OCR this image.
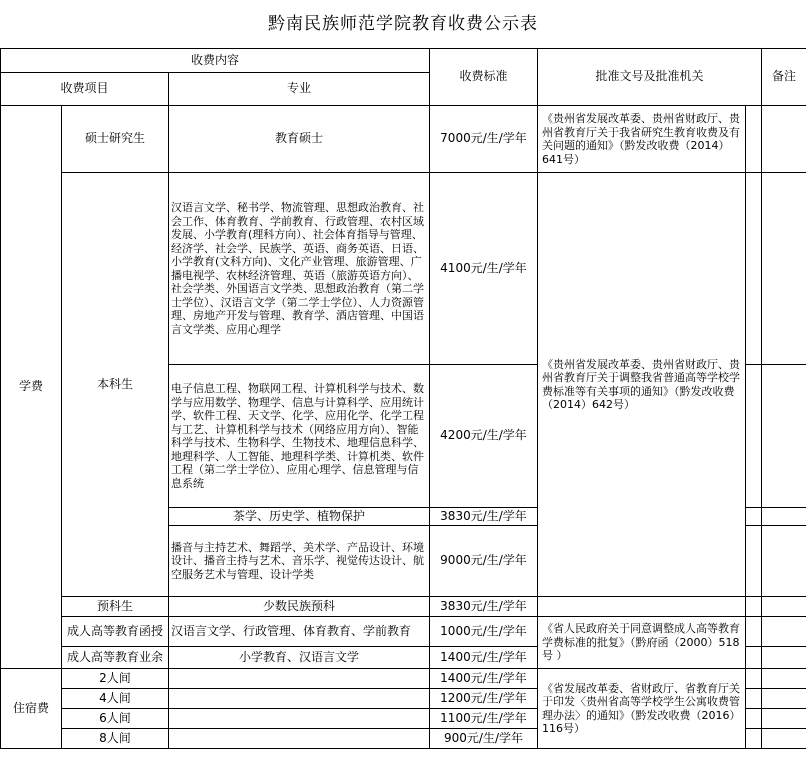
黔南民族师范学院教育收费公示表
收费内容			收费标准	批准文号及批准机关		备注
收费项目		专业				
学费	硕士研究生	教育硕士	7000元/生/学年	《贵州省发展改革委、贵州省财政厅、贵州省教育厅关于我省研究生教育收费及有关问题的通知》（黔发改收费（2014）641号）		
	本科生	汉语言文学、秘书学、物流管理、思想政治教育、社会工作、体育教育、学前教育、行政管理、农村区域发展、小学教育(理科方向）、社会体育指导与管理、经济学、社会学、民族学、英语、商务英语、日语、小学教育(文科方向)、文化产业管理、旅游管理、广播电视学、农林经济管理、英语（旅游英语方向）、社会学类、外国语言文学类、思想政治教育（第二学士学位）、汉语言文学（第二学士学位）、人力资源管理、房地产开发与管理、教育学、酒店管理、中国语言文学类、应用心理学	4100元/生/学年	《贵州省发展改革委、贵州省财政厅、贵州省教育厅关于调整我省普通高等学校学费标准等有关事项的通知》（黔发改收费（2014）642号）		
		电子信息工程、物联网工程、计算机科学与技术、数学与应用数学、物理学、信息与计算科学、应用统计学、软件工程、天文学、化学、应用化学、化学工程与工艺、计算机科学与技术（网络应用方向）、智能科学与技术、生物科学、生物技术、地理信息科学、地理科学、人工智能、地理科学类、计算机类、软件工程（第二学士学位）、应用心理学、信息管理与信息系统	4200元/生/学年			
		茶学、历史学、植物保护	3830元/生/学年			
		播音与主持艺术、舞蹈学、美术学、产品设计、环境设计、播音主持与艺术、音乐学、视觉传达设计、航空服务艺术与管理、设计学类	9000元/生/学年			
	预科生	少数民族预科	3830元/生/学年			
	成人高等教育函授	汉语言文学、行政管理、体育教育、学前教育	1000元/生/学年	《省人民政府关于同意调整成人高等教育学费标准的批复》（黔府函（2000）518号 ）		
	成人高等教育业余	小学教育、汉语言文学	1400元/生/学年			

住宿费	2人间		1400元/生/学年	《省发展改革委、省财政厅、省教育厅关于印发〈贵州省高等学校学生公寓收费管理办法〉的通知》（黔发改收费（2016）116号）		
	4人间		1200元/生/学年			
	6人间		1100元/生/学年			
	8人间		900元/生/学年			
